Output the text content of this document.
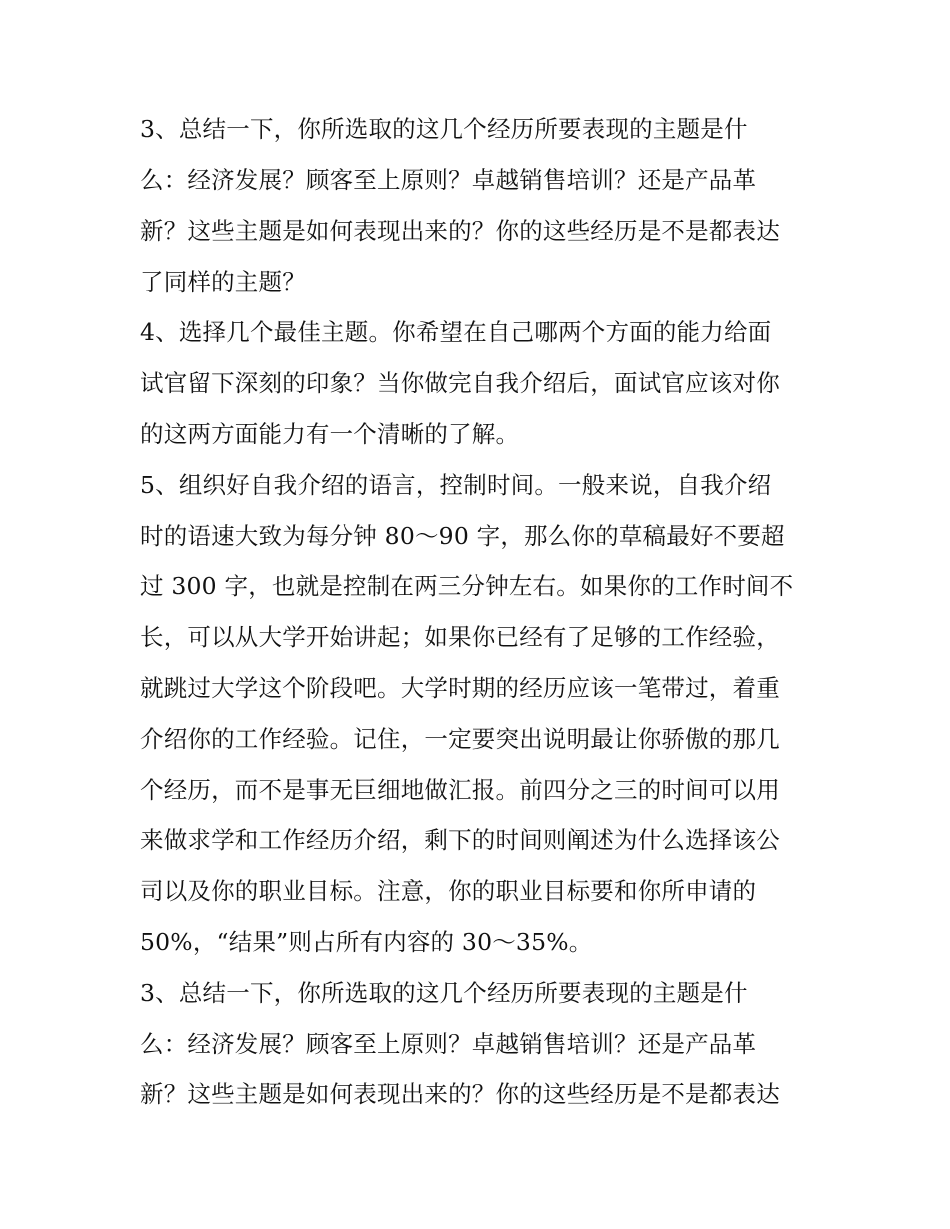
3、总结一下，你所选取的这几个经历所要表现的主题是什
么：经济发展？顾客至上原则？卓越销售培训？还是产品革
新？这些主题是如何表现出来的？你的这些经历是不是都表达
了同样的主题？
4、选择几个最佳主题。你希望在自己哪两个方面的能力给面
试官留下深刻的印象？当你做完自我介绍后，面试官应该对你
的这两方面能力有一个清晰的了解。
5、组织好自我介绍的语言，控制时间。一般来说，自我介绍
时的语速大致为每分钟 80～90 字，那么你的草稿最好不要超
过 300 字，也就是控制在两三分钟左右。如果你的工作时间不
长，可以从大学开始讲起；如果你已经有了足够的工作经验，
就跳过大学这个阶段吧。大学时期的经历应该一笔带过，着重
介绍你的工作经验。记住，一定要突出说明最让你骄傲的那几
个经历，而不是事无巨细地做汇报。前四分之三的时间可以用
来做求学和工作经历介绍，剩下的时间则阐述为什么选择该公
司以及你的职业目标。注意，你的职业目标要和你所申请的
50%，“结果”则占所有内容的 30～35%。
3、总结一下，你所选取的这几个经历所要表现的主题是什
么：经济发展？顾客至上原则？卓越销售培训？还是产品革
新？这些主题是如何表现出来的？你的这些经历是不是都表达
